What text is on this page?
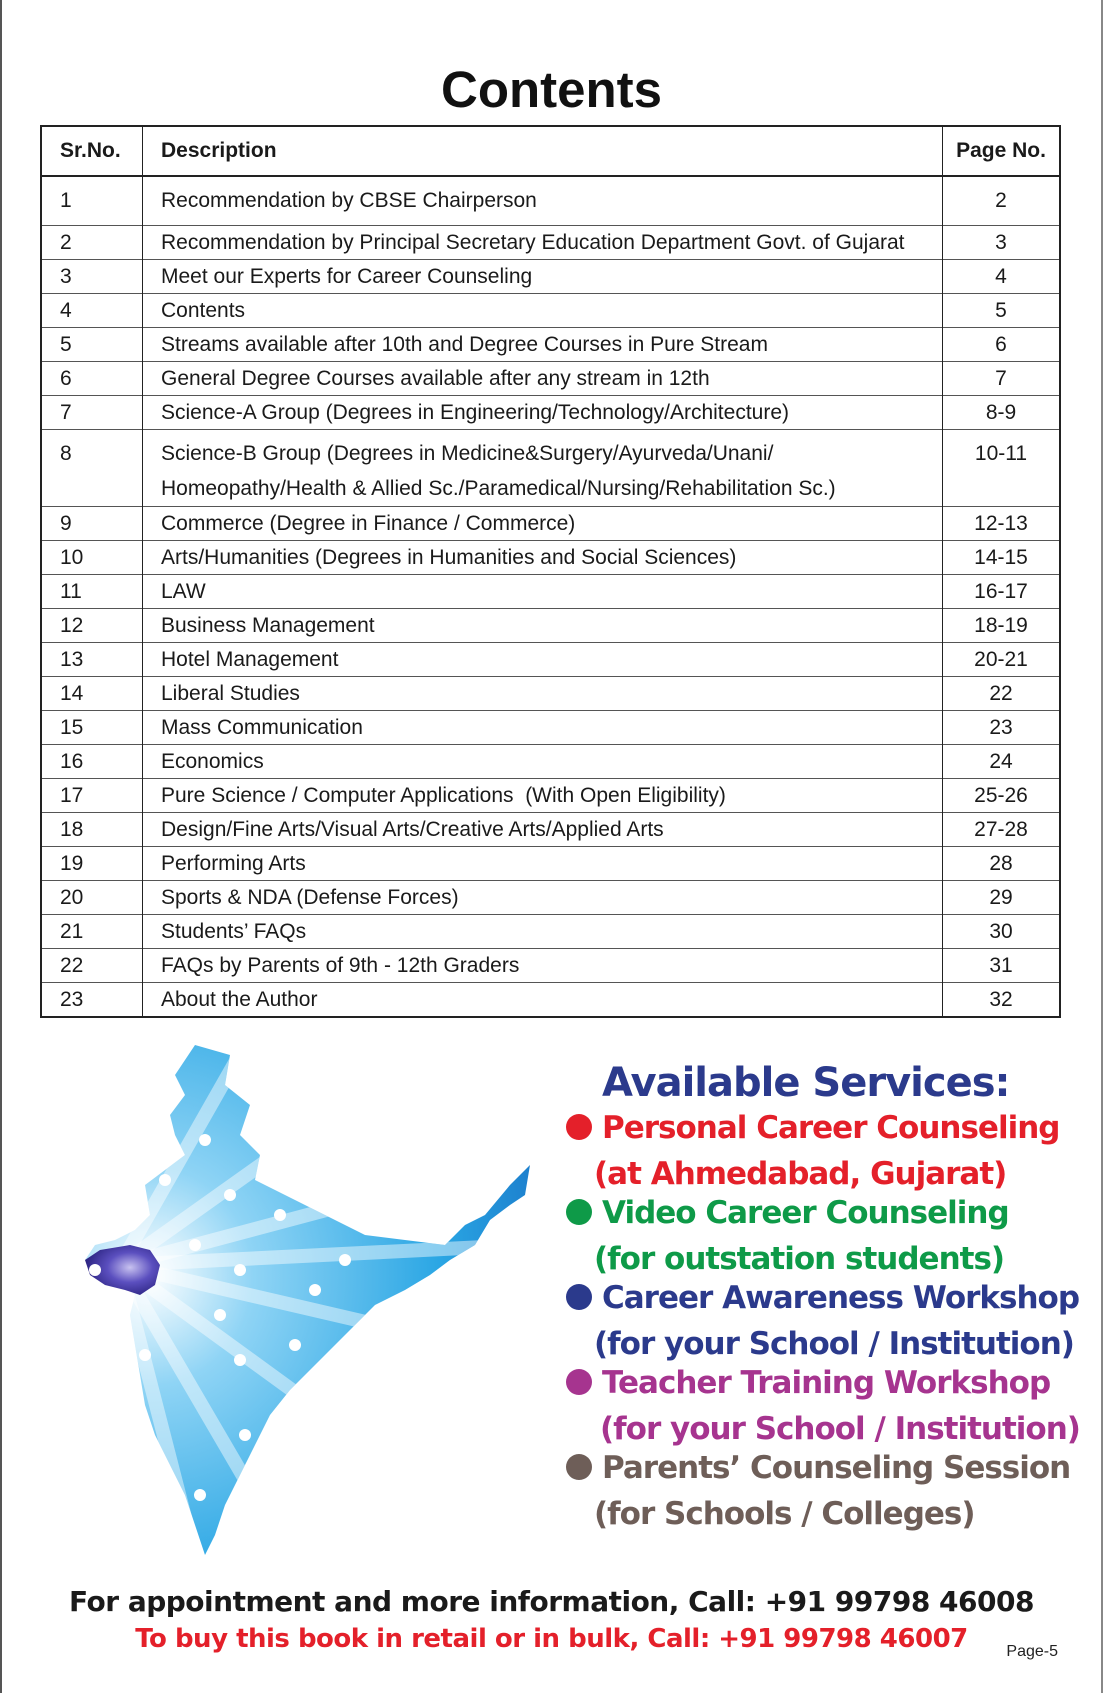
Contents
Sr.No.	Description	Page No.
1	Recommendation by CBSE Chairperson	2
2	Recommendation by Principal Secretary Education Department Govt. of Gujarat	3
3	Meet our Experts for Career Counseling	4
4	Contents	5
5	Streams available after 10th and Degree Courses in Pure Stream	6
6	General Degree Courses available after any stream in 12th	7
7	Science-A Group (Degrees in Engineering/Technology/Architecture)	8-9
8	Science-B Group (Degrees in Medicine&Surgery/Ayurveda/Unani/
Homeopathy/Health & Allied Sc./Paramedical/Nursing/Rehabilitation Sc.)	10-11
9	Commerce (Degree in Finance / Commerce)	12-13
10	Arts/Humanities (Degrees in Humanities and Social Sciences)	14-15
11	LAW	16-17
12	Business Management	18-19
13	Hotel Management	20-21
14	Liberal Studies	22
15	Mass Communication	23
16	Economics	24
17	Pure Science / Computer Applications  (With Open Eligibility)	25-26
18	Design/Fine Arts/Visual Arts/Creative Arts/Applied Arts	27-28
19	Performing Arts	28
20	Sports & NDA (Defense Forces)	29
21	Students’ FAQs	30
22	FAQs by Parents of 9th - 12th Graders	31
23	About the Author	32
Available Services:
Personal Career Counseling
(at Ahmedabad, Gujarat)
Video Career Counseling
(for outstation students)
Career Awareness Workshop
(for your School / Institution)
Teacher Training Workshop
(for your School / Institution)
Parents’ Counseling Session
(for Schools / Colleges)
For appointment and more information, Call: +91 99798 46008
To buy this book in retail or in bulk, Call: +91 99798 46007	Page-5
